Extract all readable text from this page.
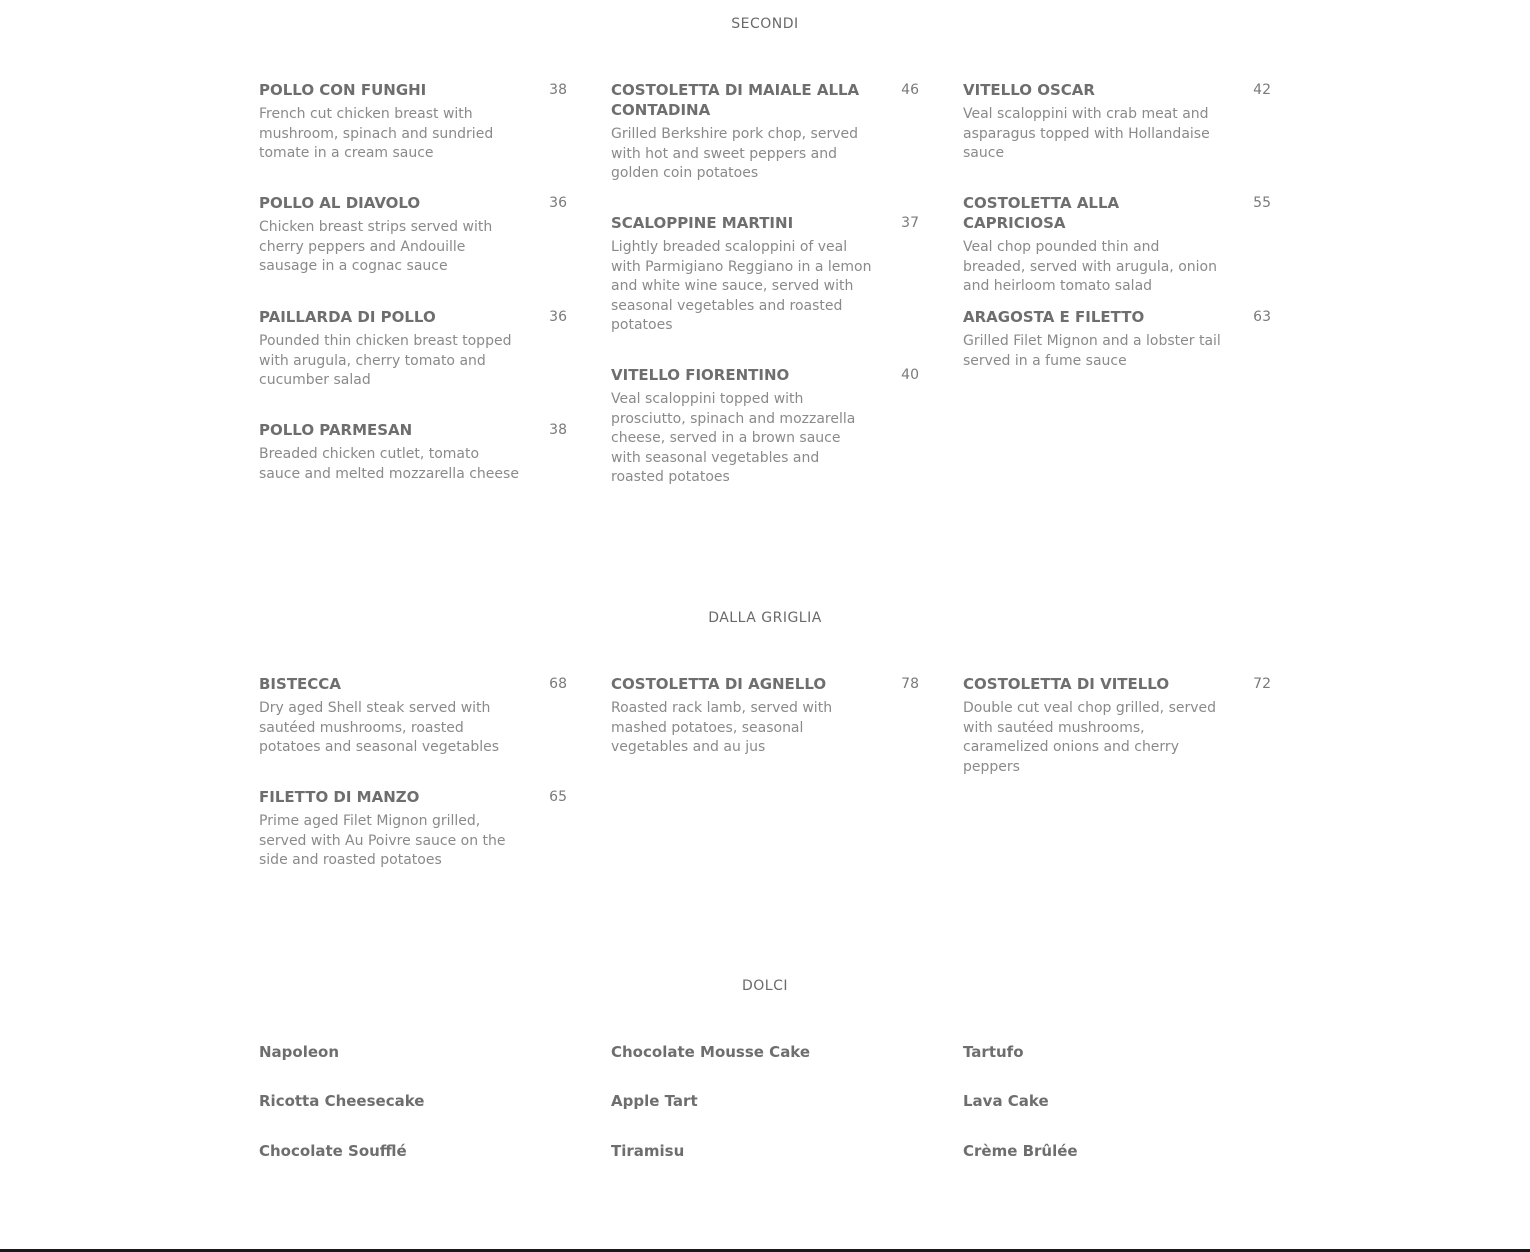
SECONDI
POLLO CON FUNGHI	38
French cut chicken breast with mushroom, spinach and sundried tomate in a cream sauce
POLLO AL DIAVOLO	36
Chicken breast strips served with cherry peppers and Andouille sausage in a cognac sauce
PAILLARDA DI POLLO	36
Pounded thin chicken breast topped with arugula, cherry tomato and cucumber salad
POLLO PARMESAN	38
Breaded chicken cutlet, tomato sauce and melted mozzarella cheese
COSTOLETTA DI MAIALE ALLA CONTADINA
46
Grilled Berkshire pork chop, served with hot and sweet peppers and golden coin potatoes
SCALOPPINE MARTINI	37
Lightly breaded scaloppini of veal with Parmigiano Reggiano in a lemon and white wine sauce, served with seasonal vegetables and roasted potatoes
VITELLO FIORENTINO	40
Veal scaloppini topped with prosciutto, spinach and mozzarella cheese, served in a brown sauce with seasonal vegetables and roasted potatoes
VITELLO OSCAR	42
Veal scaloppini with crab meat and asparagus topped with Hollandaise sauce
COSTOLETTA ALLA CAPRICIOSA
55
Veal chop pounded thin and breaded, served with arugula, onion and heirloom tomato salad
ARAGOSTA E FILETTO	63
Grilled Filet Mignon and a lobster tail served in a fume sauce
DALLA GRIGLIA
BISTECCA	68
Dry aged Shell steak served with sautéed mushrooms, roasted potatoes and seasonal vegetables
FILETTO DI MANZO	65
Prime aged Filet Mignon grilled, served with Au Poivre sauce on the side and roasted potatoes
COSTOLETTA DI AGNELLO	78
Roasted rack lamb, served with mashed potatoes, seasonal vegetables and au jus
COSTOLETTA DI VITELLO	72
Double cut veal chop grilled, served with sautéed mushrooms, caramelized onions and cherry peppers
DOLCI
Napoleon
Ricotta Cheesecake
Chocolate Soufflé
Chocolate Mousse Cake
Apple Tart
Tiramisu
Tartufo
Lava Cake
Crème Brûlée
